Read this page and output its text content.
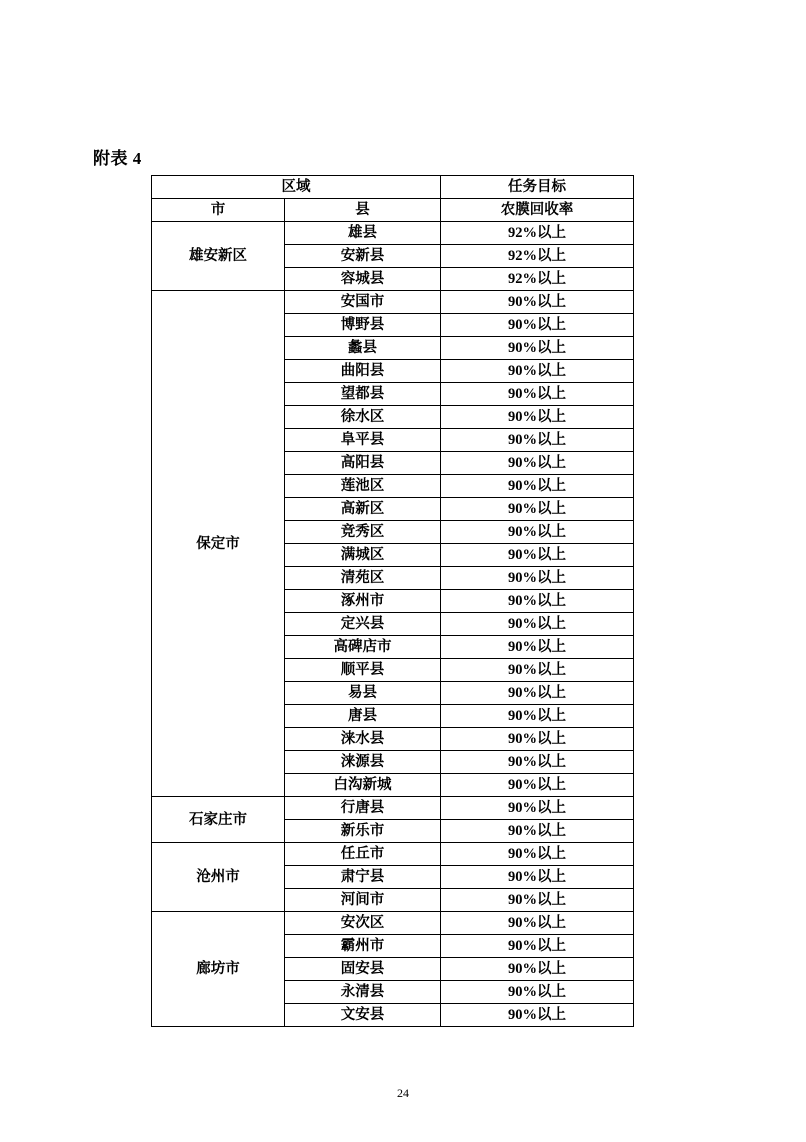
附表 4
区域		任务目标
市	县	农膜回收率
雄安新区	雄县	92%以上
	安新县	92%以上
	容城县	92%以上
保定市	安国市	90%以上
	博野县	90%以上
	蠡县	90%以上
	曲阳县	90%以上
	望都县	90%以上
	徐水区	90%以上
	阜平县	90%以上
	高阳县	90%以上
	莲池区	90%以上
	高新区	90%以上
	竞秀区	90%以上
	满城区	90%以上
	清苑区	90%以上
	涿州市	90%以上
	定兴县	90%以上
	高碑店市	90%以上
	顺平县	90%以上
	易县	90%以上
	唐县	90%以上
	涞水县	90%以上
	涞源县	90%以上
	白沟新城	90%以上
石家庄市	行唐县	90%以上
	新乐市	90%以上
沧州市	任丘市	90%以上
	肃宁县	90%以上
	河间市	90%以上
廊坊市	安次区	90%以上
	霸州市	90%以上
	固安县	90%以上
	永清县	90%以上
	文安县	90%以上
24
